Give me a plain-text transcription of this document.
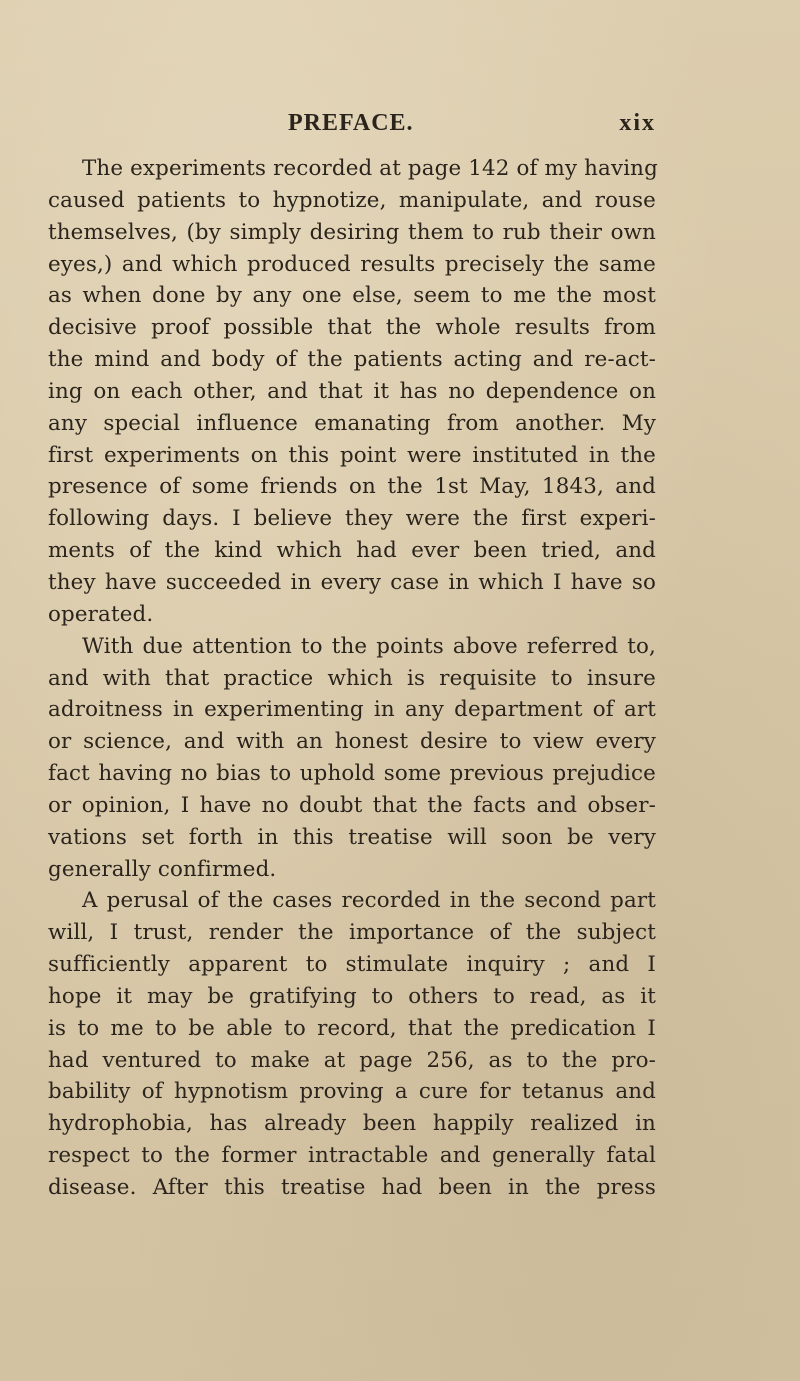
PREFACE.	xix
The experiments recorded at page 142 of my having
caused patients to hypnotize, manipulate, and rouse
themselves, (by simply desiring them to rub their own
eyes,) and which produced results precisely the same
as when done by any one else, seem to me the most
decisive proof possible that the whole results from
the mind and body of the patients acting and re-act-
ing on each other, and that it has no dependence on
any special influence emanating from another. My
first experiments on this point were instituted in the
presence of some friends on the 1st May, 1843, and
following days. I believe they were the first experi-
ments of the kind which had ever been tried, and
they have succeeded in every case in which I have so
operated.
With due attention to the points above referred to,
and with that practice which is requisite to insure
adroitness in experimenting in any department of art
or science, and with an honest desire to view every
fact having no bias to uphold some previous prejudice
or opinion, I have no doubt that the facts and obser-
vations set forth in this treatise will soon be very
generally confirmed.
A perusal of the cases recorded in the second part
will, I trust, render the importance of the subject
sufficiently apparent to stimulate inquiry ; and I
hope it may be gratifying to others to read, as it
is to me to be able to record, that the predication I
had ventured to make at page 256, as to the pro-
bability of hypnotism proving a cure for tetanus and
hydrophobia, has already been happily realized in
respect to the former intractable and generally fatal
disease. After this treatise had been in the press
